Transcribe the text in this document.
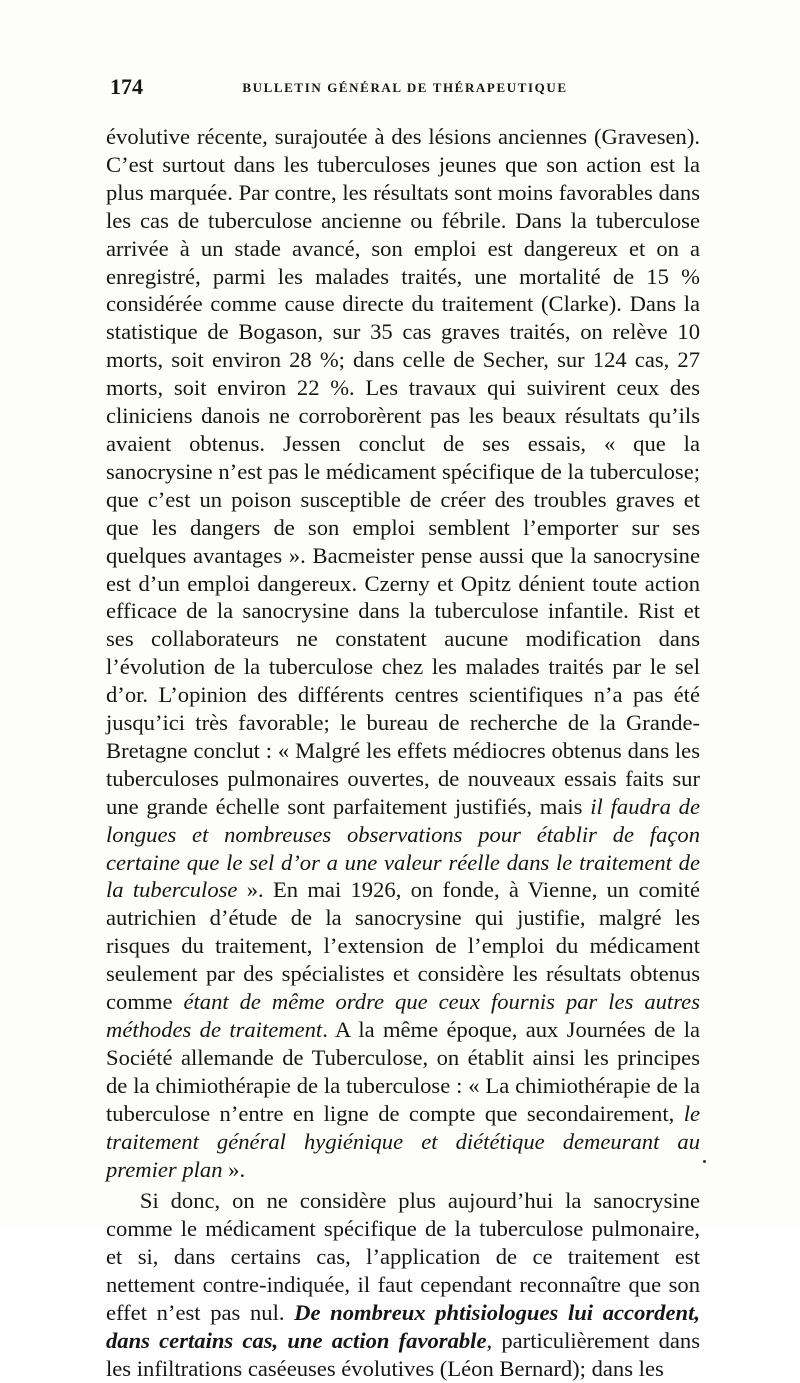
174	BULLETIN GÉNÉRAL DE THÉRAPEUTIQUE

évolutive récente, surajoutée à des lésions anciennes (Gravesen). C’est surtout dans les tuberculoses jeunes que son action est la plus marquée. Par contre, les résultats sont moins favorables dans les cas de tuberculose ancienne ou fébrile. Dans la tuberculose arrivée à un stade avancé, son emploi est dangereux et on a enregistré, parmi les malades traités, une mortalité de 15 % considérée comme cause directe du traitement (Clarke). Dans la statistique de Bogason, sur 35 cas graves traités, on relève 10 morts, soit environ 28 %; dans celle de Secher, sur 124 cas, 27 morts, soit environ 22 %. Les travaux qui suivirent ceux des cliniciens danois ne corroborèrent pas les beaux résultats qu’ils avaient obtenus. Jessen conclut de ses essais, « que la sanocrysine n’est pas le médicament spécifique de la tuberculose; que c’est un poison susceptible de créer des troubles graves et que les dangers de son emploi semblent l’emporter sur ses quelques avantages ». Bacmeister pense aussi que la sanocrysine est d’un emploi dangereux. Czerny et Opitz dénient toute action efficace de la sanocrysine dans la tuberculose infantile. Rist et ses collaborateurs ne constatent aucune modification dans l’évolution de la tuberculose chez les malades traités par le sel d’or. L’opinion des différents centres scientifiques n’a pas été jusqu’ici très favorable; le bureau de recherche de la Grande-Bretagne conclut : « Malgré les effets médiocres obtenus dans les tuberculoses pulmonaires ouvertes, de nouveaux essais faits sur une grande échelle sont parfaitement justifiés, mais il faudra de longues et nombreuses observations pour établir de façon certaine que le sel d’or a une valeur réelle dans le traitement de la tuberculose ». En mai 1926, on fonde, à Vienne, un comité autrichien d’étude de la sanocrysine qui justifie, malgré les risques du traitement, l’extension de l’emploi du médicament seulement par des spécialistes et considère les résultats obtenus comme étant de même ordre que ceux fournis par les autres méthodes de traitement. A la même époque, aux Journées de la Société allemande de Tuberculose, on établit ainsi les principes de la chimiothérapie de la tuberculose : « La chimiothérapie de la tuberculose n’entre en ligne de compte que secondairement, le traitement général hygiénique et diététique demeurant au premier plan ».

Si donc, on ne considère plus aujourd’hui la sanocrysine comme le médicament spécifique de la tuberculose pulmonaire, et si, dans certains cas, l’application de ce traitement est nettement contre-indiquée, il faut cependant reconnaître que son effet n’est pas nul. De nombreux phtisiologues lui accordent, dans certains cas, une action favorable, particulièrement dans les infiltrations caséeuses évolutives (Léon Bernard); dans les
